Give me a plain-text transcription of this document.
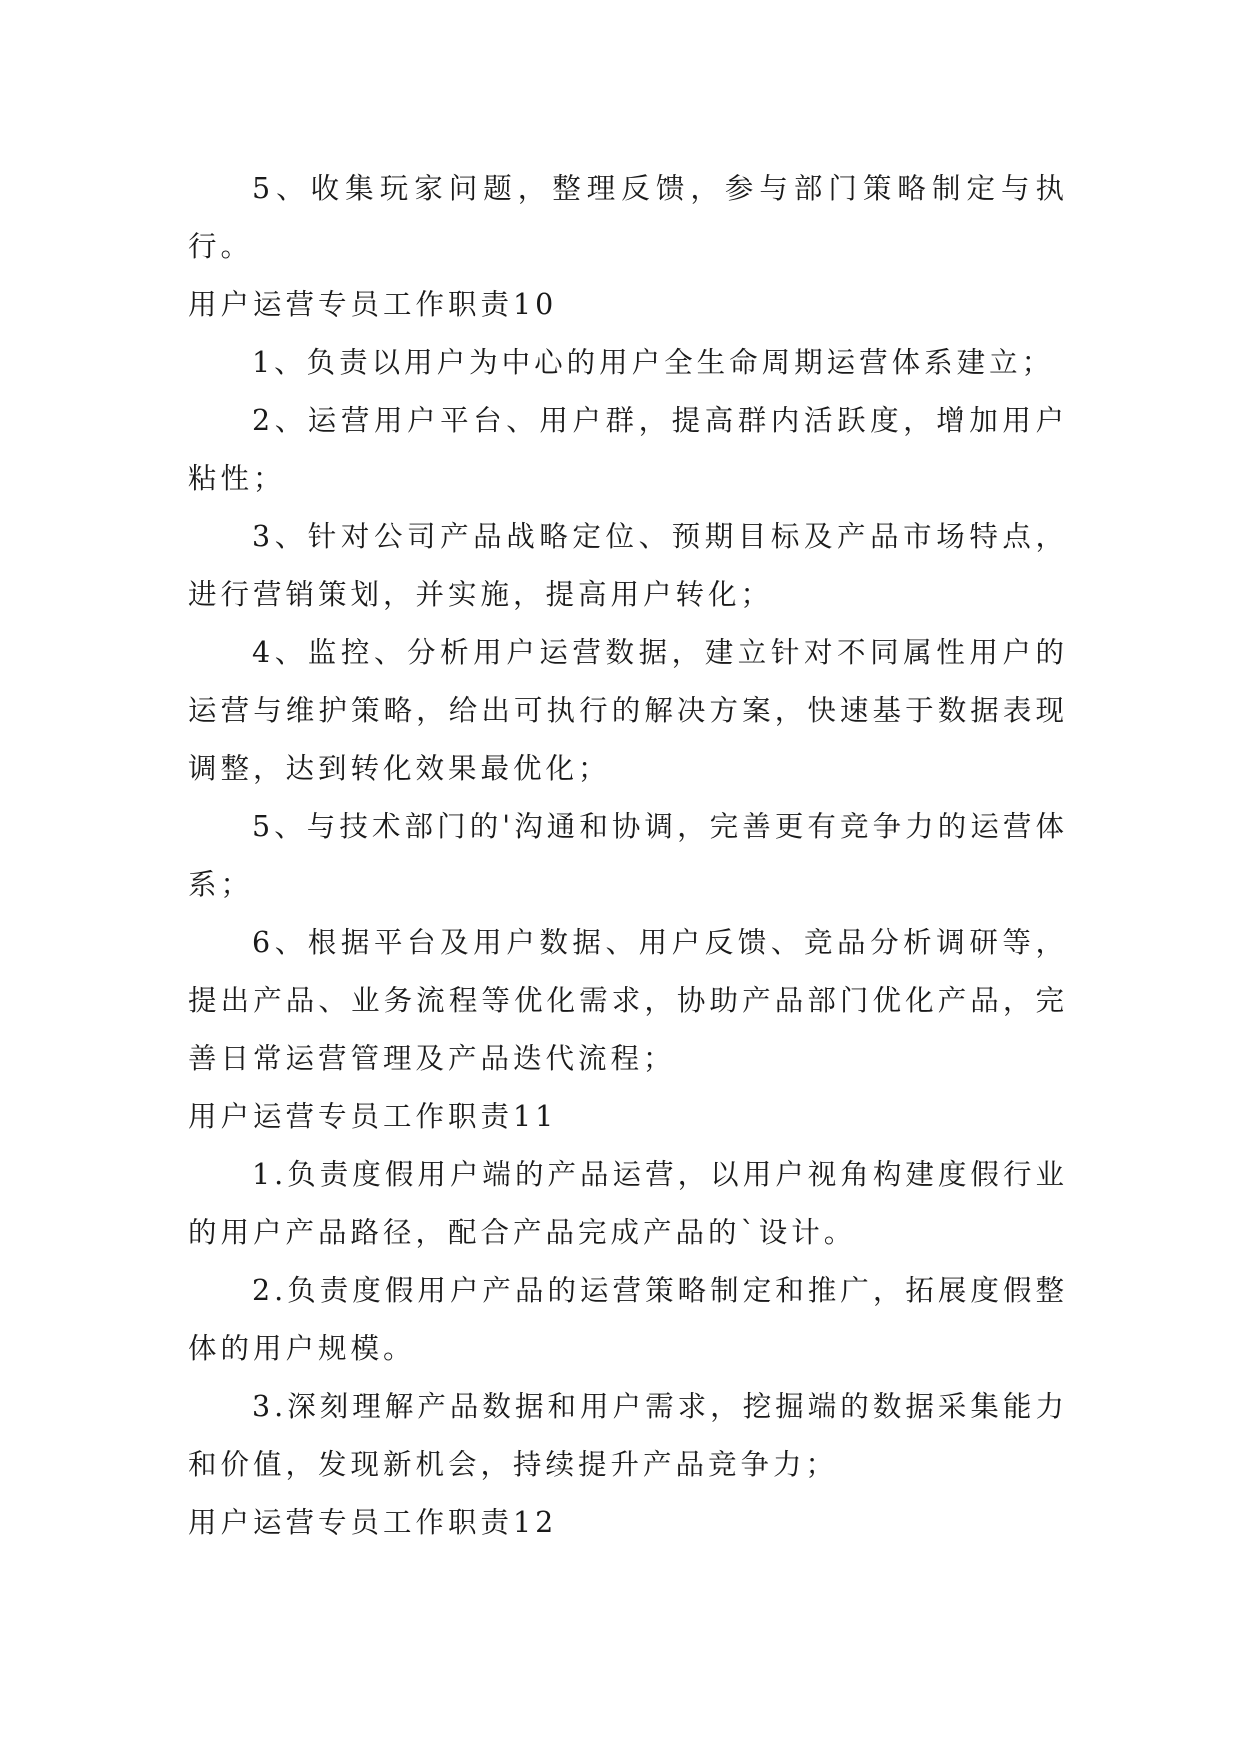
5、收集玩家问题，整理反馈，参与部门策略制定与执行。

用户运营专员工作职责10

1、负责以用户为中心的用户全生命周期运营体系建立；

2、运营用户平台、用户群，提高群内活跃度，增加用户粘性；

3、针对公司产品战略定位、预期目标及产品市场特点，进行营销策划，并实施，提高用户转化；

4、监控、分析用户运营数据，建立针对不同属性用户的运营与维护策略，给出可执行的解决方案，快速基于数据表现调整，达到转化效果最优化；

5、与技术部门的'沟通和协调，完善更有竞争力的运营体系；

6、根据平台及用户数据、用户反馈、竞品分析调研等，提出产品、业务流程等优化需求，协助产品部门优化产品，完善日常运营管理及产品迭代流程；

用户运营专员工作职责11

1.负责度假用户端的产品运营，以用户视角构建度假行业的用户产品路径，配合产品完成产品的`设计。

2.负责度假用户产品的运营策略制定和推广，拓展度假整体的用户规模。

3.深刻理解产品数据和用户需求，挖掘端的数据采集能力和价值，发现新机会，持续提升产品竞争力；

用户运营专员工作职责12
